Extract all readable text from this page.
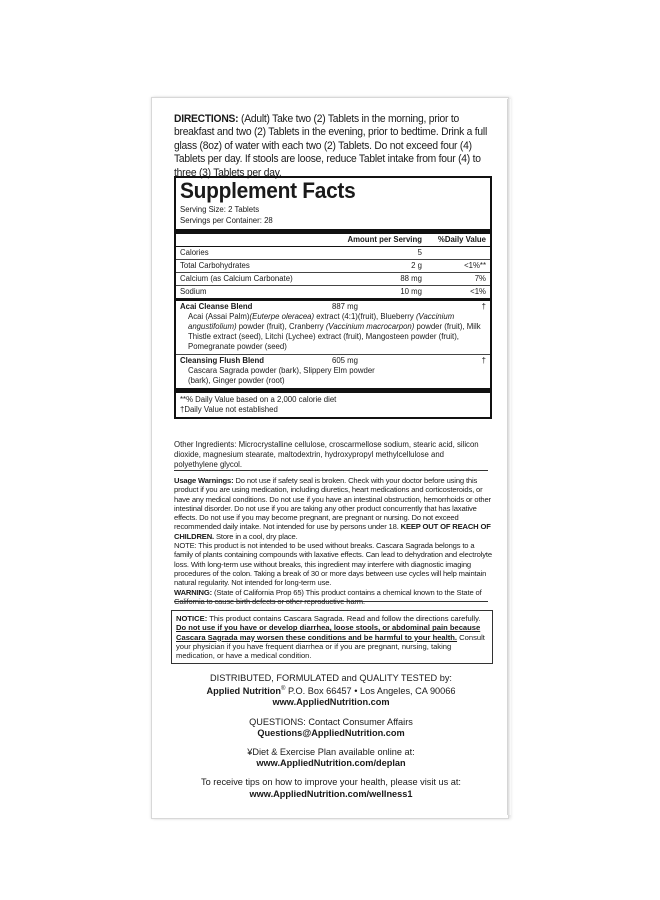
DIRECTIONS: (Adult) Take two (2) Tablets in the morning, prior to breakfast and two (2) Tablets in the evening, prior to bedtime. Drink a full glass (8oz) of water with each two (2) Tablets. Do not exceed four (4) Tablets per day. If stools are loose, reduce Tablet intake from four (4) to three (3) Tablets per day.
Supplement Facts
Serving Size: 2 Tablets
Servings per Container: 28
Amount per Serving	%Daily Value
Calories	5
Total Carbohydrates	2 g	<1%**
Calcium (as Calcium Carbonate)	88 mg	7%
Sodium	10 mg	<1%
Acai Cleanse Blend	887 mg	†
Acai (Assai Palm)(Euterpe oleracea) extract (4:1)(fruit), Blueberry (Vaccinium angustifolium) powder (fruit), Cranberry (Vaccinium macrocarpon) powder (fruit), Milk Thistle extract (seed), Litchi (Lychee) extract (fruit), Mangosteen powder (fruit), Pomegranate powder (seed)
Cleansing Flush Blend	605 mg	†
Cascara Sagrada powder (bark), Slippery Elm powder (bark), Ginger powder (root)
**% Daily Value based on a 2,000 calorie diet
†Daily Value not established
Other Ingredients: Microcrystalline cellulose, croscarmellose sodium, stearic acid, silicon dioxide, magnesium stearate, maltodextrin, hydroxypropyl methylcellulose and polyethylene glycol.
Usage Warnings: Do not use if safety seal is broken. Check with your doctor before using this product if you are using medication, including diuretics, heart medications and corticosteroids, or have any medical conditions. Do not use if you have an intestinal obstruction, hemorrhoids or other intestinal disorder. Do not use if you are taking any other product concurrently that has laxative effects. Do not use if you may become pregnant, are pregnant or nursing. Do not exceed recommended daily intake. Not intended for use by persons under 18. KEEP OUT OF REACH OF CHILDREN. Store in a cool, dry place.
NOTE: This product is not intended to be used without breaks. Cascara Sagrada belongs to a family of plants containing compounds with laxative effects. Can lead to dehydration and electrolyte loss. With long-term use without breaks, this ingredient may interfere with diagnostic imaging procedures of the colon. Taking a break of 30 or more days between use cycles will help maintain natural regularity. Not intended for long-term use.
WARNING: (State of California Prop 65) This product contains a chemical known to the State of
NOTICE: This product contains Cascara Sagrada. Read and follow the directions carefully. Do not use if you have or develop diarrhea, loose stools, or abdominal pain because Cascara Sagrada may worsen these conditions and be harmful to your health. Consult your physician if you have frequent diarrhea or if you are pregnant, nursing, taking medication, or have a medical condition.
DISTRIBUTED, FORMULATED and QUALITY TESTED by:
Applied Nutrition® P.O. Box 66457 • Los Angeles, CA 90066
www.AppliedNutrition.com
QUESTIONS: Contact Consumer Affairs
Questions@AppliedNutrition.com
¥Diet & Exercise Plan available online at:
www.AppliedNutrition.com/deplan
To receive tips on how to improve your health, please visit us at:
www.AppliedNutrition.com/wellness1
